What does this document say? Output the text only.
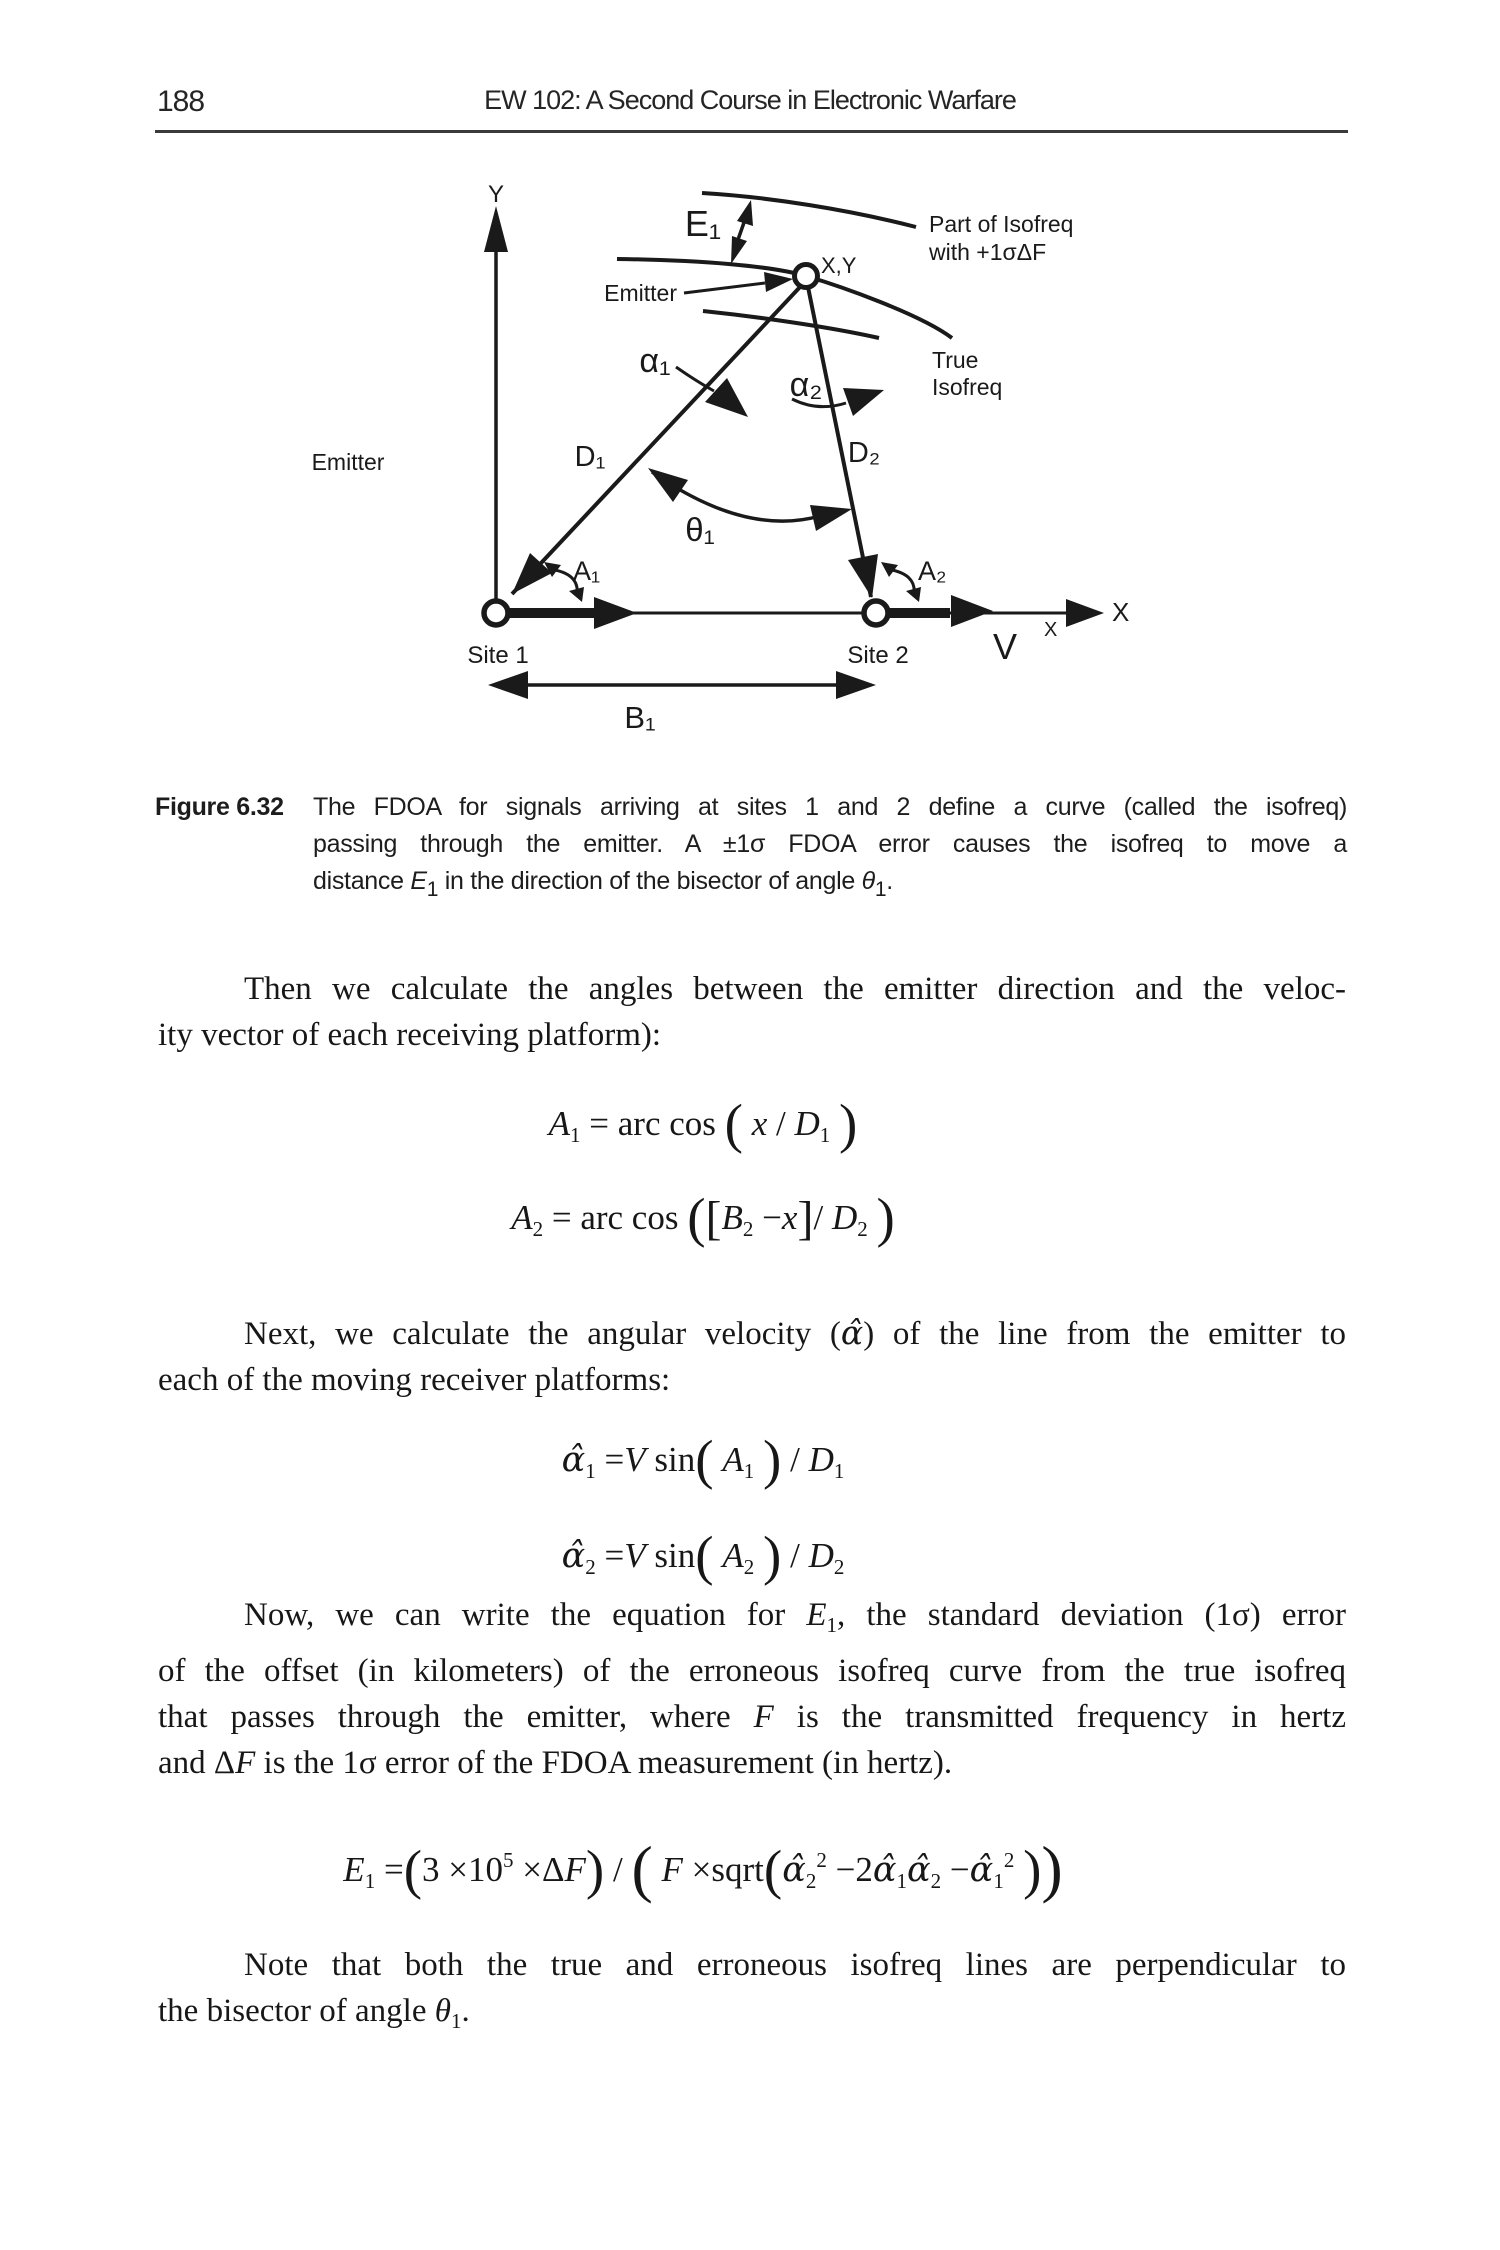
188	EW 102: A Second Course in Electronic Warfare
Y
X
X
E₁
X,Y
Emitter
Emitter
Part of Isofreq
with +1σΔF
True
Isofreq
α₁
α₂
D₁	D₂
θ₁
A₁	A₂
Site 1	Site 2 V
B₁
Figure 6.32	The FDOA for signals arriving at sites 1 and 2 define a curve (called the isofreq)
passing through the emitter. A ±1σ FDOA error causes the isofreq to move a
distance $E_1$ in the direction of the bisector of angle $\theta_1$.
Then we calculate the angles between the emitter direction and the veloc-
ity vector of each receiving platform):
$A_1$ = arc cos ( x / $D_1$ )
$A_2$ = arc $\cos ([B_2 -x]/$ $D_2$ )
Next, we calculate the angular velocity (α̂) of the line from the emitter to
each of the moving receiver platforms:
$\alphâ_1 =V$ sin( $A_1$ ) / $D_1$
$\alphâ_2 =V$ sin( $A_2$ ) / $D_2$
Now, we can write the equation for $E_1$, the standard deviation (1σ) error
of the offset (in kilometers) of the erroneous isofreq curve from the true isofreq
that passes through the emitter, where F is the transmitted frequency in hertz
and ΔF is the 1σ error of the FDOA measurement (in hertz).
$E_1 =(3 \times 10^5 \times\Delta F)$ / ( $F \times sqrt(\alphâ_2^2$ $-2\alphâ_1\alphâ_2$ $-\alphâ_1^2$ ))
Note that both the true and erroneous isofreq lines are perpendicular to
the bisector of angle $\theta_1$.
